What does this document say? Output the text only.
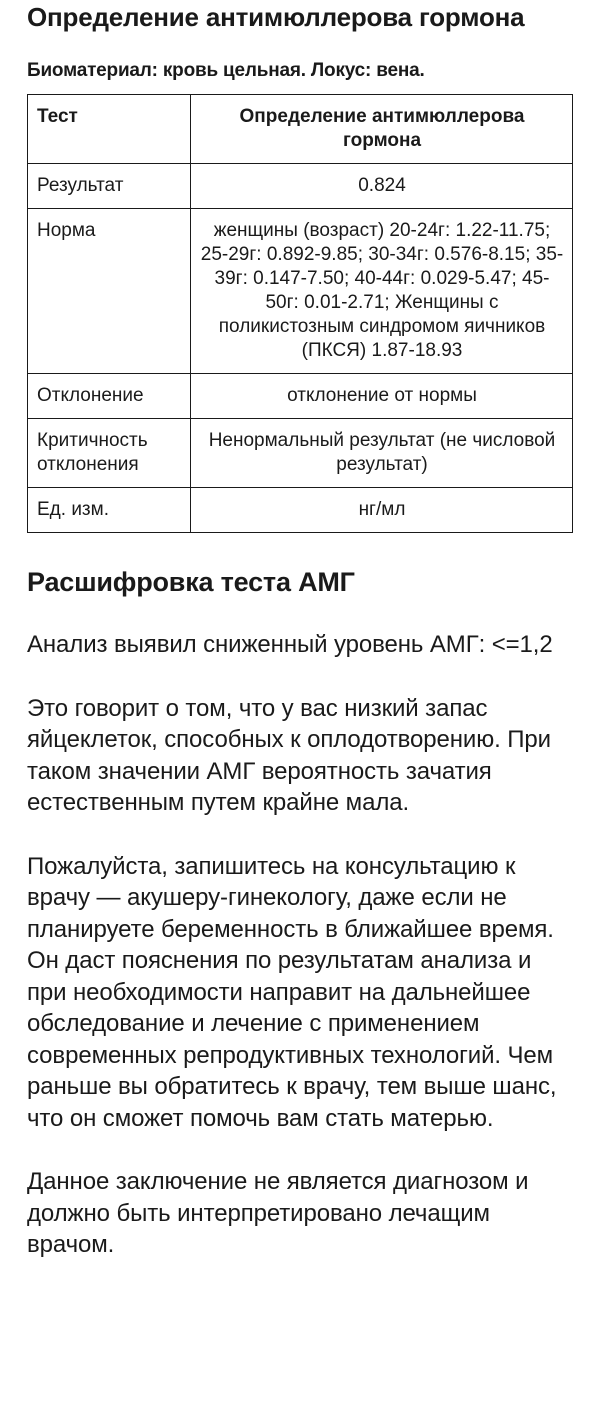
Определение антимюллерова гормона

Биоматериал: кровь цельная. Локус: вена.

Тест	Определение антимюллерова гормона
Результат	0.824
Норма	женщины (возраст) 20-24г: 1.22-11.75; 25-29г: 0.892-9.85; 30-34г: 0.576-8.15; 35-39г: 0.147-7.50; 40-44г: 0.029-5.47; 45-50г: 0.01-2.71; Женщины с поликистозным синдромом яичников (ПКСЯ) 1.87-18.93
Отклонение	отклонение от нормы
Критичность отклонения	Ненормальный результат (не числовой результат)
Ед. изм.	нг/мл
Расшифровка теста АМГ

Анализ выявил сниженный уровень АМГ: <=1,2

Это говорит о том, что у вас низкий запас яйцеклеток, способных к оплодотворению. При таком значении АМГ вероятность зачатия естественным путем крайне мала.

Пожалуйста, запишитесь на консультацию к врачу — акушеру-гинекологу, даже если не планируете беременность в ближайшее время. Он даст пояснения по результатам анализа и при необходимости направит на дальнейшее обследование и лечение с применением современных репродуктивных технологий. Чем раньше вы обратитесь к врачу, тем выше шанс, что он сможет помочь вам стать матерью.

Данное заключение не является диагнозом и должно быть интерпретировано лечащим врачом.
